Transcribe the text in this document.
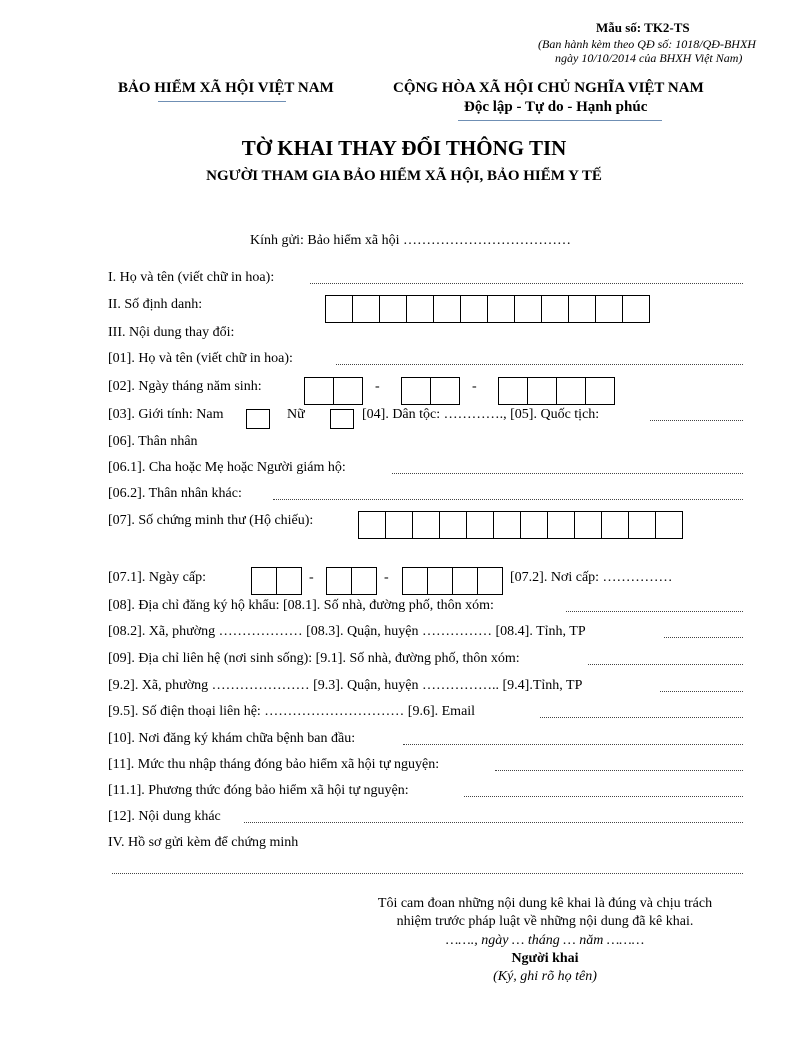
Mẫu số: TK2-TS
(Ban hành kèm theo QĐ số: 1018/QĐ-BHXH
ngày 10/10/2014 của BHXH Việt Nam)
BẢO HIỂM XÃ HỘI VIỆT NAM	CỘNG HÒA XÃ HỘI CHỦ NGHĨA VIỆT NAM
Độc lập - Tự do - Hạnh phúc
TỜ KHAI THAY ĐỔI THÔNG TIN
NGƯỜI THAM GIA BẢO HIỂM XÃ HỘI, BẢO HIỂM Y TẾ
Kính gửi: Bảo hiểm xã hội ………………………………
I. Họ và tên (viết chữ in hoa):
II. Số định danh:
III. Nội dung thay đổi:
[01]. Họ và tên (viết chữ in hoa):
[02]. Ngày tháng năm sinh:	-	-
[03]. Giới tính: Nam	Nữ	[04]. Dân tộc: …………., [05]. Quốc tịch:
[06]. Thân nhân
[06.1]. Cha hoặc Mẹ hoặc Người giám hộ:
[06.2]. Thân nhân khác:
[07]. Số chứng minh thư (Hộ chiếu):
[07.1]. Ngày cấp:	-	-	[07.2]. Nơi cấp: ……………
[08]. Địa chỉ đăng ký hộ khẩu: [08.1]. Số nhà, đường phố, thôn xóm:
[08.2]. Xã, phường ……………… [08.3]. Quận, huyện …………… [08.4]. Tỉnh, TP
[09]. Địa chỉ liên hệ (nơi sinh sống): [9.1]. Số nhà, đường phố, thôn xóm:
[9.2]. Xã, phường ………………… [9.3]. Quận, huyện …………….. [9.4].Tỉnh, TP
[9.5]. Số điện thoại liên hệ: ………………………… [9.6]. Email
[10]. Nơi đăng ký khám chữa bệnh ban đầu:
[11]. Mức thu nhập tháng đóng bảo hiểm xã hội tự nguyện:
[11.1]. Phương thức đóng bảo hiểm xã hội tự nguyện:
[12]. Nội dung khác
IV. Hồ sơ gửi kèm để chứng minh
Tôi cam đoan những nội dung kê khai là đúng và chịu trách
nhiệm trước pháp luật về những nội dung đã kê khai.
……., ngày … tháng … năm ………
Người khai
(Ký, ghi rõ họ tên)
